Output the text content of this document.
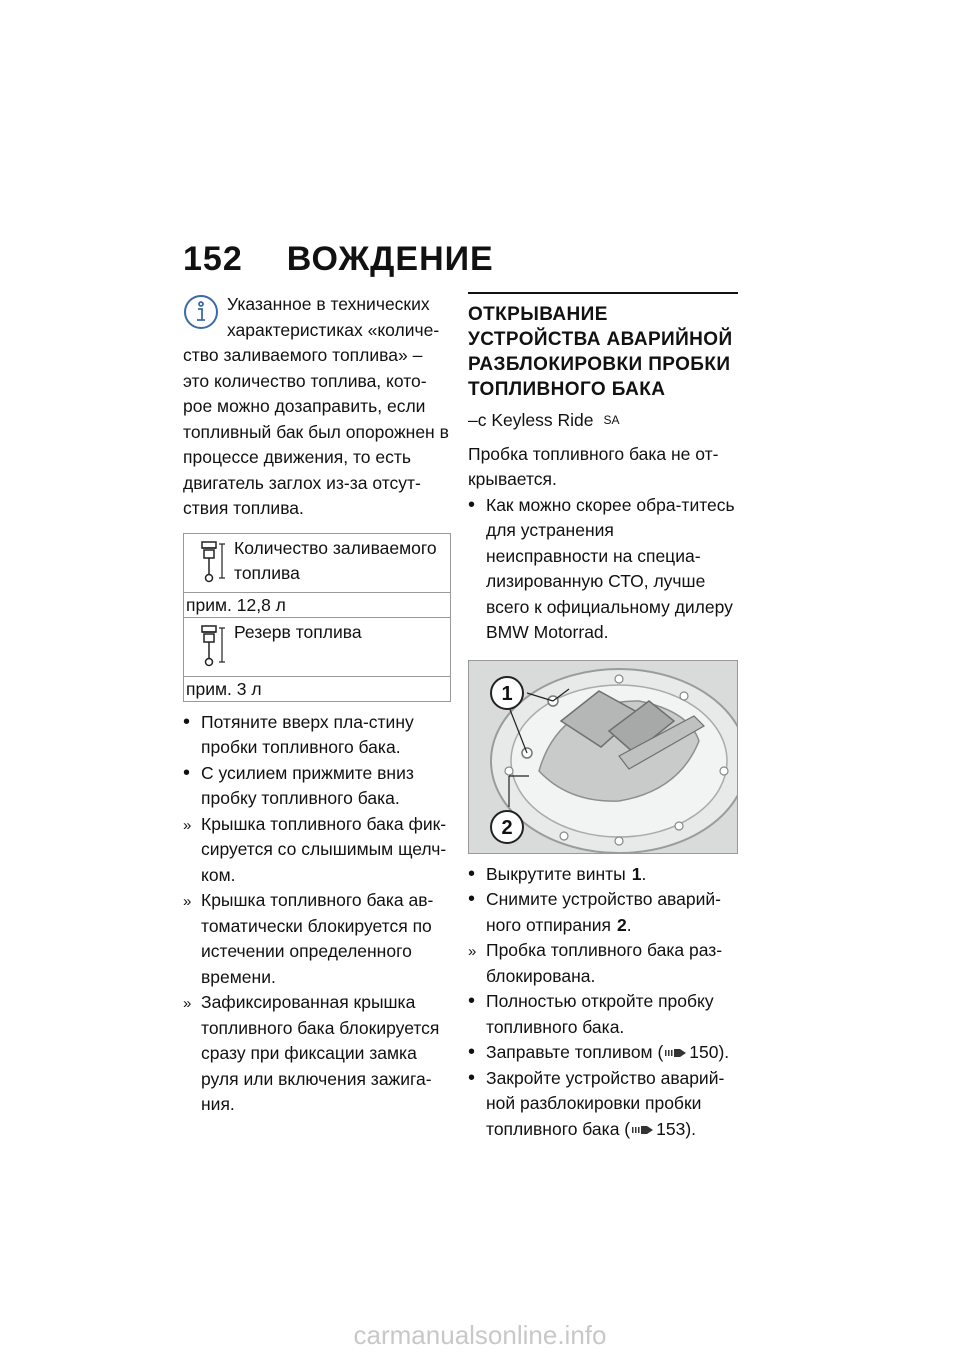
152 ВОЖДЕНИЕ
Указанное в технических
характеристиках «количе-
ство заливаемого топлива» – это количество топлива, кото-рое можно дозаправить, если топливный бак был опорожнен в процессе движения, то есть двигатель заглох из-за отсут-ствия топлива.
Количество заливаемого топлива
прим. 12,8 л
Резерв топлива
прим. 3 л
•
Потяните вверх пла-стину пробки топливного бака.
•
С усилием прижмите вниз пробку топливного бака.
»
Крышка топливного бака фик-сируется со слышимым щелч-ком.
»
Крышка топливного бака ав-томатически блокируется по истечении определенного времени.
»
Зафиксированная крышка топливного бака блокируется сразу при фиксации замка руля или включения зажига-ния.
ОТКРЫВАНИЕ УСТРОЙСТВА АВАРИЙНОЙ РАЗБЛОКИРОВКИ ПРОБКИ ТОПЛИВНОГО БАКА
–с Keyless Ride $^{SA}$
Пробка топливного бака не от-крывается.
•
Как можно скорее обра-титесь для устранения неисправности на специа-лизированную СТО, лучше всего к официальному дилеру BMW Motorrad.
1
2
•
Выкрутите винты 1.
•
Снимите устройство аварий-ного отпирания 2.
»
Пробка топливного бака раз-блокирована.
•
Полностью откройте пробку топливного бака.
•
Заправьте топливом ( 150).
•
Закройте устройство аварий-ной разблокировки пробки топливного бака ( 153).
carmanualsonline.info
